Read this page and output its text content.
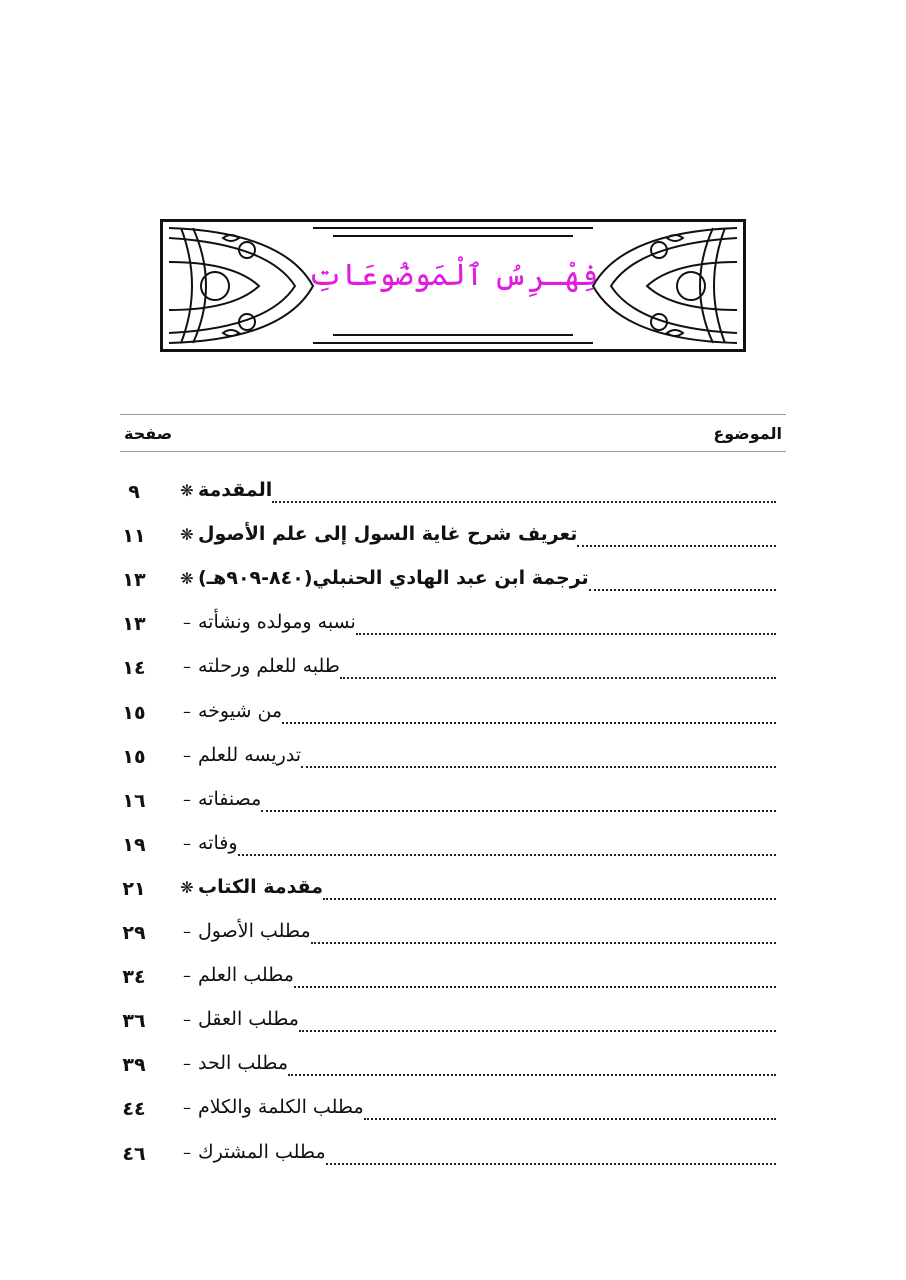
فِهْـرِسُ ٱلْمَوضُوعَاتِ
الموضوع
صفحة
٩	❋ المقدمة
١١ ❋ تعريف شرح غاية السول إلى علم الأصول
١٣ ❋ ترجمة ابن عبد الهادي الحنبلي(٨٤٠-٩٠٩هـ)
١٣	– نسبه ومولده ونشأته
١٤	– طلبه للعلم ورحلته
١٥	– من شيوخه
١٥	– تدريسه للعلم
١٦	– مصنفاته
١٩	– وفاته
٢١ ❋ مقدمة الكتاب
٢٩	– مطلب الأصول
٣٤	– مطلب العلم
٣٦	– مطلب العقل
٣٩	– مطلب الحد
٤٤	– مطلب الكلمة والكلام
٤٦	– مطلب المشترك
